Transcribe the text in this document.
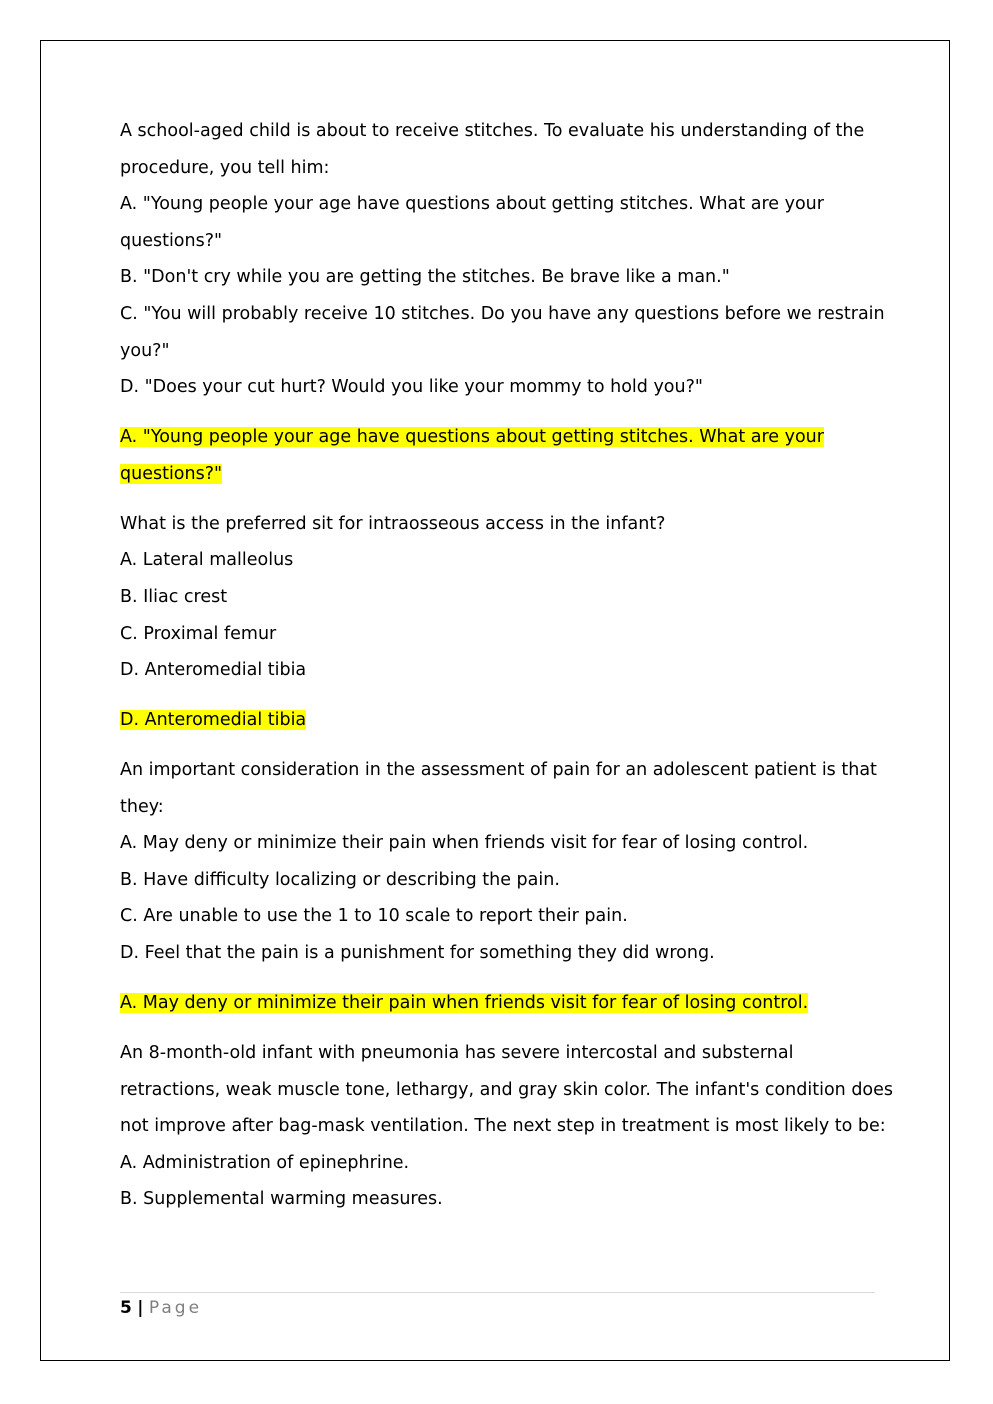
A school-aged child is about to receive stitches. To evaluate his understanding of the
procedure, you tell him:
A. "Young people your age have questions about getting stitches. What are your
questions?"
B. "Don't cry while you are getting the stitches. Be brave like a man."
C. "You will probably receive 10 stitches. Do you have any questions before we restrain
you?"
D. "Does your cut hurt? Would you like your mommy to hold you?"
A. "Young people your age have questions about getting stitches. What are your
questions?"
What is the preferred sit for intraosseous access in the infant?
A. Lateral malleolus
B. Iliac crest
C. Proximal femur
D. Anteromedial tibia
D. Anteromedial tibia
An important consideration in the assessment of pain for an adolescent patient is that
they:
A. May deny or minimize their pain when friends visit for fear of losing control.
B. Have difficulty localizing or describing the pain.
C. Are unable to use the 1 to 10 scale to report their pain.
D. Feel that the pain is a punishment for something they did wrong.
A. May deny or minimize their pain when friends visit for fear of losing control.
An 8-month-old infant with pneumonia has severe intercostal and substernal
retractions, weak muscle tone, lethargy, and gray skin color. The infant's condition does
not improve after bag-mask ventilation. The next step in treatment is most likely to be:
A. Administration of epinephrine.
B. Supplemental warming measures.
5 | Page
